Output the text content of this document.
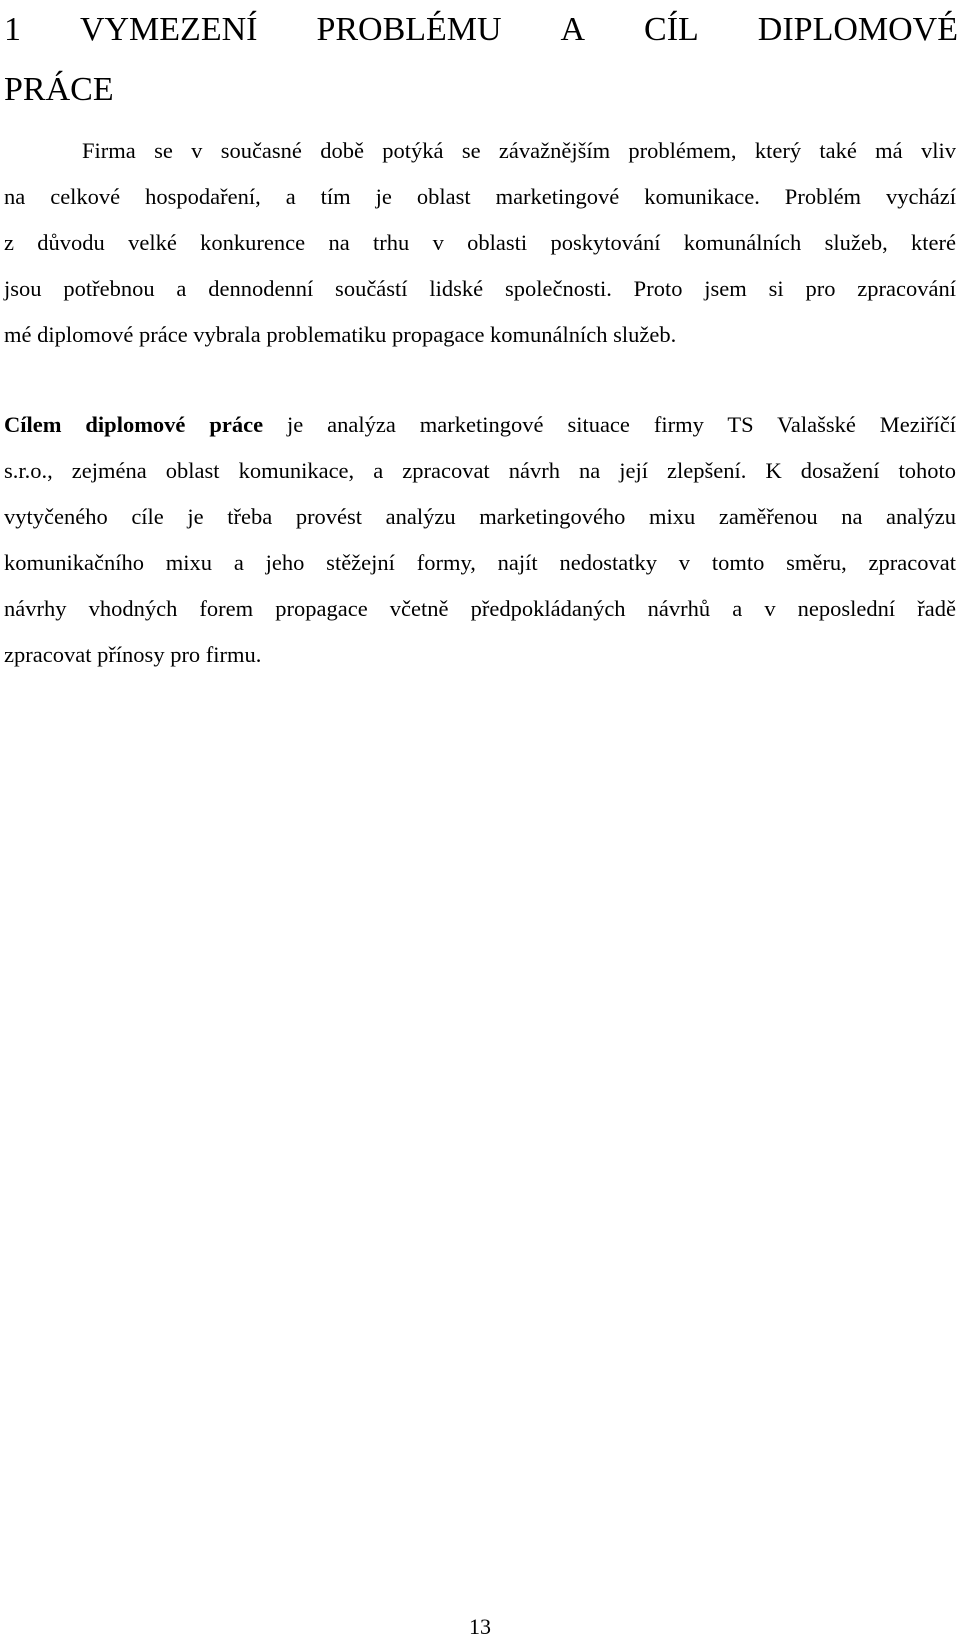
1 VYMEZENÍ PROBLÉMU A CÍL DIPLOMOVÉ
PRÁCE

Firma se v současné době potýká se závažnějším problémem, který také má vliv
na celkové hospodaření, a tím je oblast marketingové komunikace. Problém vychází
z důvodu velké konkurence na trhu v oblasti poskytování komunálních služeb, které
jsou potřebnou a dennodenní součástí lidské společnosti. Proto jsem si pro zpracování
mé diplomové práce vybrala problematiku propagace komunálních služeb.

Cílem diplomové práce je analýza marketingové situace firmy TS Valašské Meziříčí
s.r.o., zejména oblast komunikace, a zpracovat návrh na její zlepšení. K dosažení tohoto
vytyčeného cíle je třeba provést analýzu marketingového mixu zaměřenou na analýzu
komunikačního mixu a jeho stěžejní formy, najít nedostatky v tomto směru, zpracovat
návrhy vhodných forem propagace včetně předpokládaných návrhů a v neposlední řadě
zpracovat přínosy pro firmu.

13
